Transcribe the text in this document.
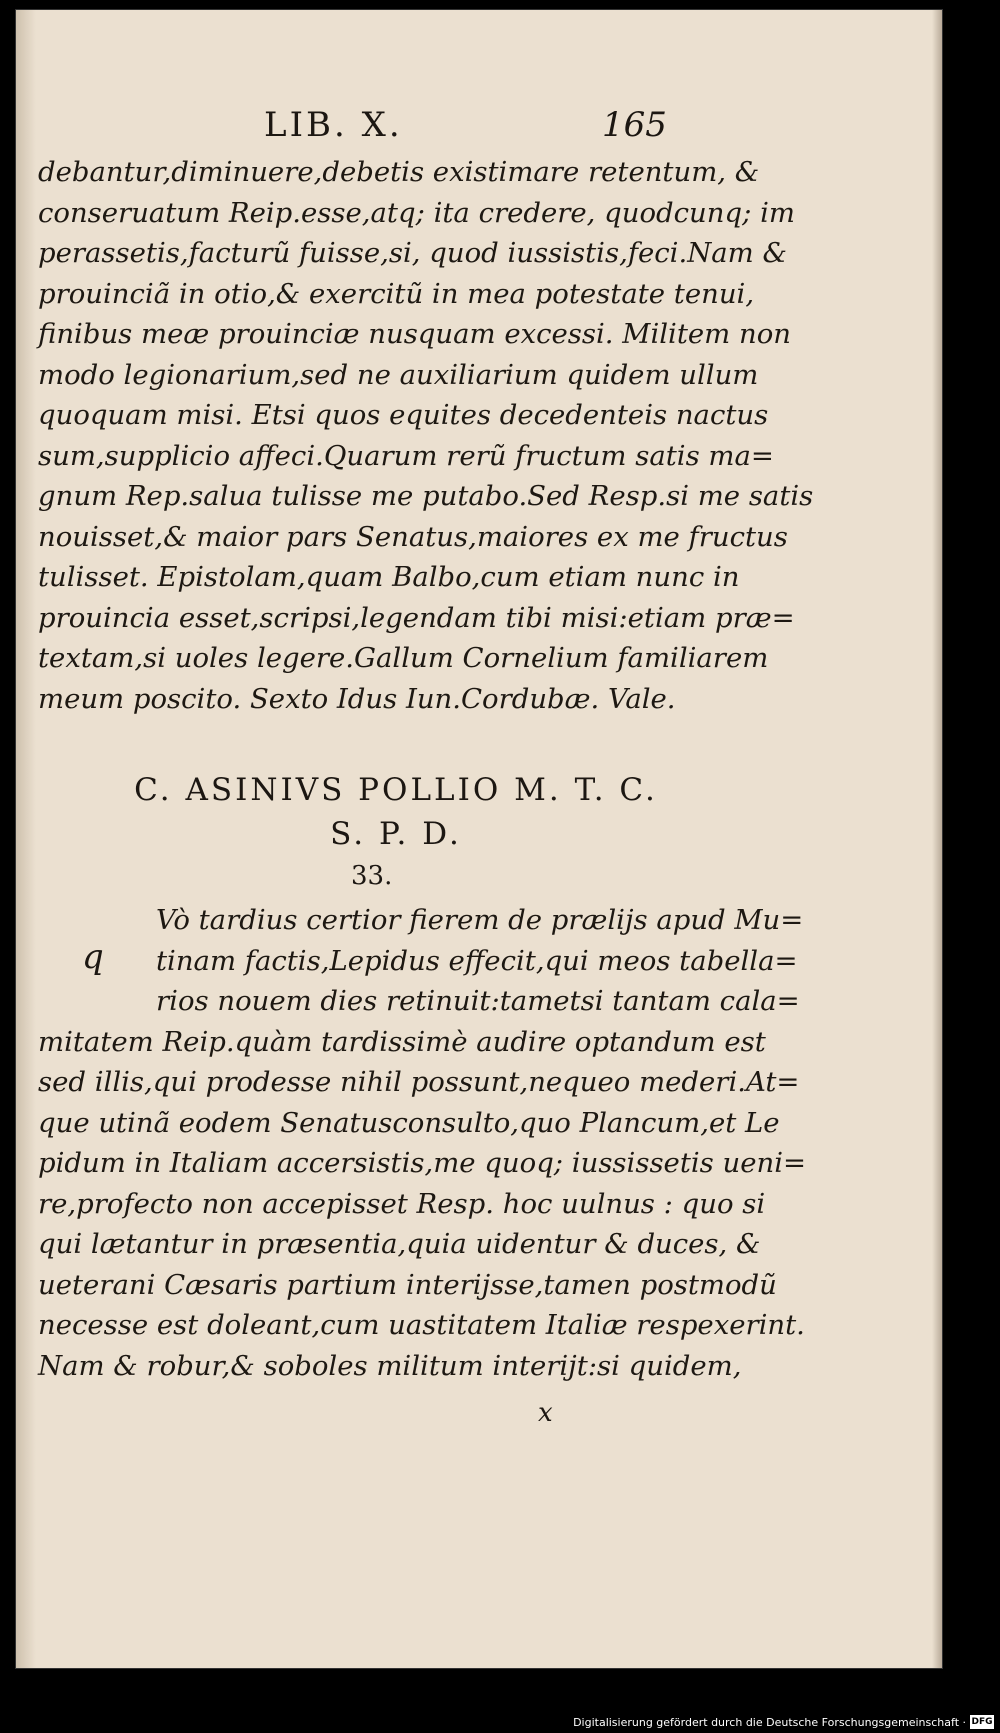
LIB. X.	165
debantur,diminuere,debetis existimare retentum, &
conseruatum Reip.esse,atq; ita credere, quodcunq; im
perassetis,facturũ fuisse,si, quod iussistis,feci.Nam &
prouinciã in otio,& exercitũ in mea potestate tenui,
finibus meæ prouinciæ nusquam excessi. Militem non
modo legionarium,sed ne auxiliarium quidem ullum
quoquam misi. Etsi quos equites decedenteis nactus
sum,supplicio affeci.Quarum rerũ fructum satis ma=
gnum Rep.salua tulisse me putabo.Sed Resp.si me satis
nouisset,& maior pars Senatus,maiores ex me fructus
tulisset. Epistolam,quam Balbo,cum etiam nunc in
prouincia esset,scripsi,legendam tibi misi:etiam præ=
textam,si uoles legere.Gallum Cornelium familiarem
meum poscito. Sexto Idus Iun.Cordubæ. Vale.
C. ASINIVS POLLIO M. T. C.
S. P. D.
33.
q
Vò tardius certior fierem de prælijs apud Mu=
tinam factis,Lepidus effecit,qui meos tabella=
rios nouem dies retinuit:tametsi tantam cala=
mitatem Reip.quàm tardissimè audire optandum est
sed illis,qui prodesse nihil possunt,nequeo mederi.At=
que utinã eodem Senatusconsulto,quo Plancum,et Le
pidum in Italiam accersistis,me quoq; iussissetis ueni=
re,profecto non accepisset Resp. hoc uulnus : quo si
qui lætantur in præsentia,quia uidentur & duces, &
ueterani Cæsaris partium interijsse,tamen postmodũ
necesse est doleant,cum uastitatem Italiæ respexerint.
Nam & robur,& soboles militum interijt:si quidem,
x
Digitalisierung gefördert durch die Deutsche Forschungsgemeinschaft · DFG
